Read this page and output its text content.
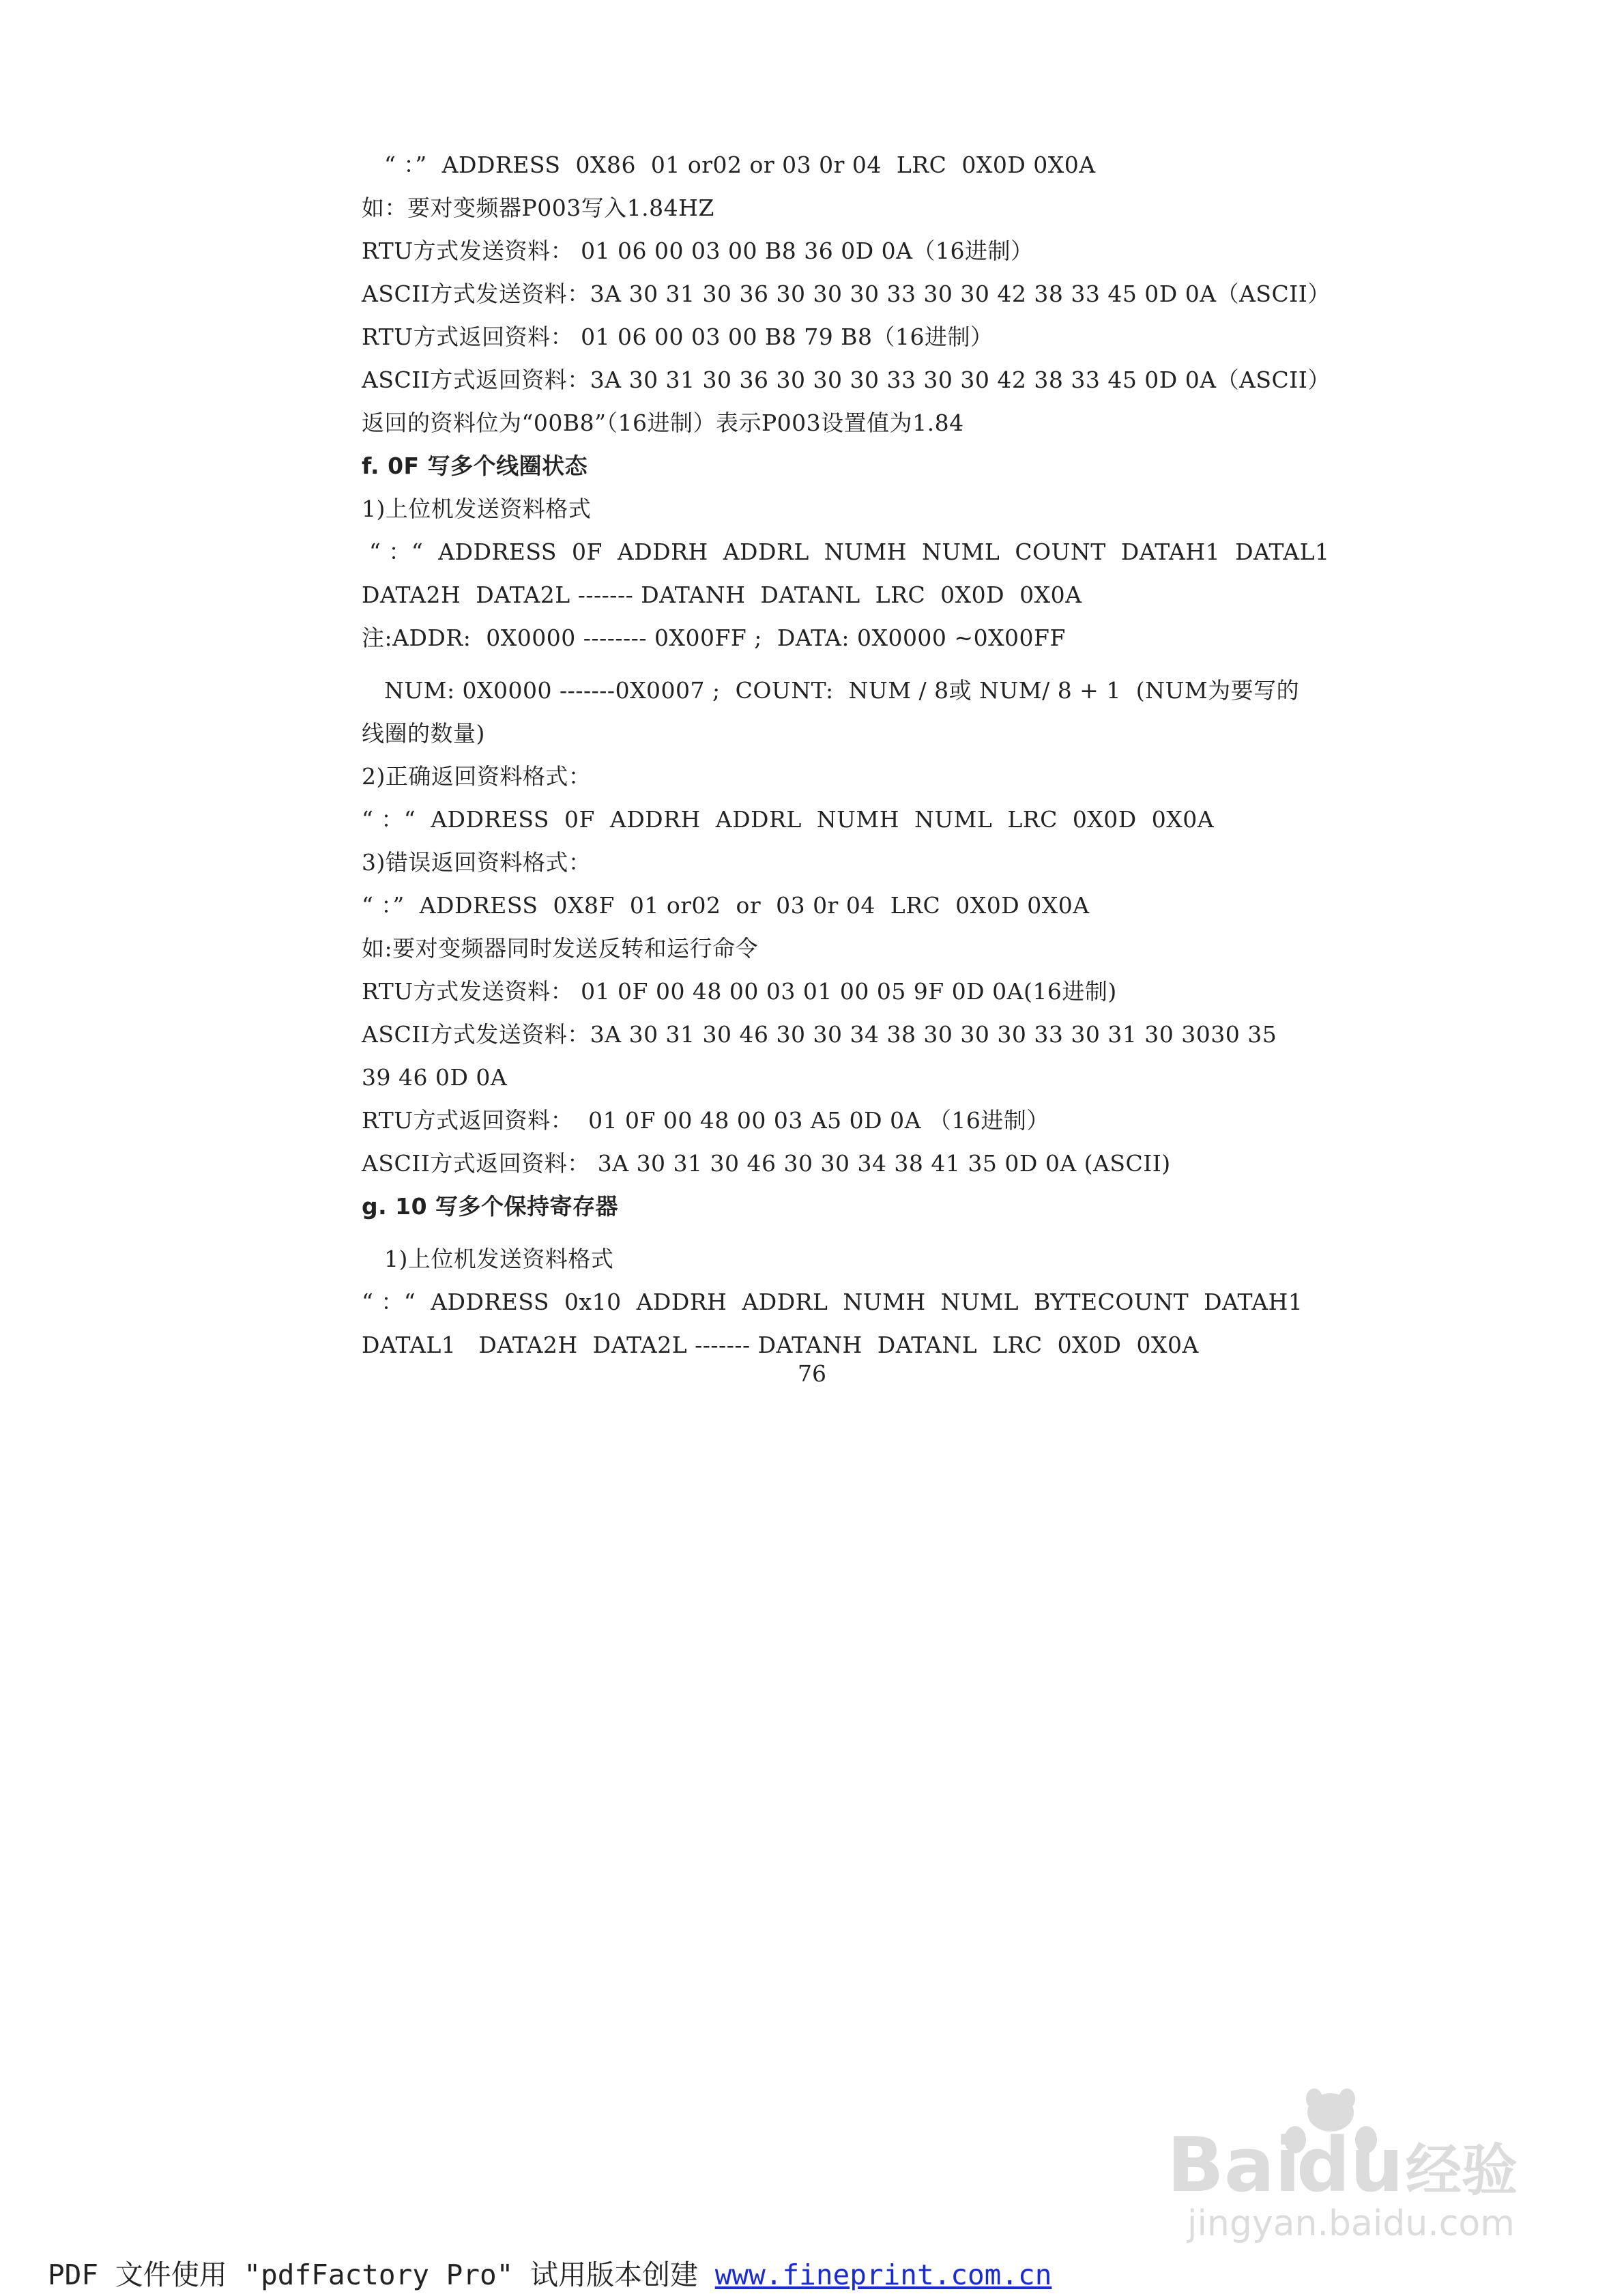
“ ：”  ADDRESS  0X86  01 or02 or 03 0r 04  LRC  0X0D 0X0A
如：要对变频器P003写入1.84HZ
RTU方式发送资料： 01 06 00 03 00 B8 36 0D 0A（16进制）
ASCII方式发送资料：3A 30 31 30 36 30 30 30 33 30 30 42 38 33 45 0D 0A（ASCII）
RTU方式返回资料： 01 06 00 03 00 B8 79 B8（16进制）
ASCII方式返回资料：3A 30 31 30 36 30 30 30 33 30 30 42 38 33 45 0D 0A（ASCII）
返回的资料位为“00B8”（16进制）表示P003设置值为1.84
f. 0F 写多个线圈状态
1)上位机发送资料格式
“ ：“  ADDRESS  0F  ADDRH  ADDRL  NUMH  NUML  COUNT  DATAH1  DATAL1
DATA2H  DATA2L ------- DATANH  DATANL  LRC  0X0D  0X0A
注:ADDR:  0X0000 -------- 0X00FF ;  DATA: 0X0000 ~0X00FF
NUM: 0X0000 -------0X0007 ;  COUNT:  NUM / 8或 NUM/ 8 + 1  (NUM为要写的
线圈的数量)
2)正确返回资料格式：
“ ：“  ADDRESS  0F  ADDRH  ADDRL  NUMH  NUML  LRC  0X0D  0X0A
3)错误返回资料格式：
“ ：”  ADDRESS  0X8F  01 or02  or  03 0r 04  LRC  0X0D 0X0A
如:要对变频器同时发送反转和运行命令
RTU方式发送资料： 01 0F 00 48 00 03 01 00 05 9F 0D 0A(16进制)
ASCII方式发送资料：3A 30 31 30 46 30 30 34 38 30 30 30 33 30 31 30 3030 35
39 46 0D 0A
RTU方式返回资料：  01 0F 00 48 00 03 A5 0D 0A （16进制）
ASCII方式返回资料： 3A 30 31 30 46 30 30 34 38 41 35 0D 0A (ASCII)
g. 10 写多个保持寄存器
1)上位机发送资料格式
“ ：“  ADDRESS  0x10  ADDRH  ADDRL  NUMH  NUML  BYTECOUNT  DATAH1
DATAL1   DATA2H  DATA2L ------- DATANH  DATANL  LRC  0X0D  0X0A
76
Bai
du 经验
jingyan.baidu.com
PDF 文件使用 "pdfFactory Pro" 试用版本创建 www.fineprint.com.cn
